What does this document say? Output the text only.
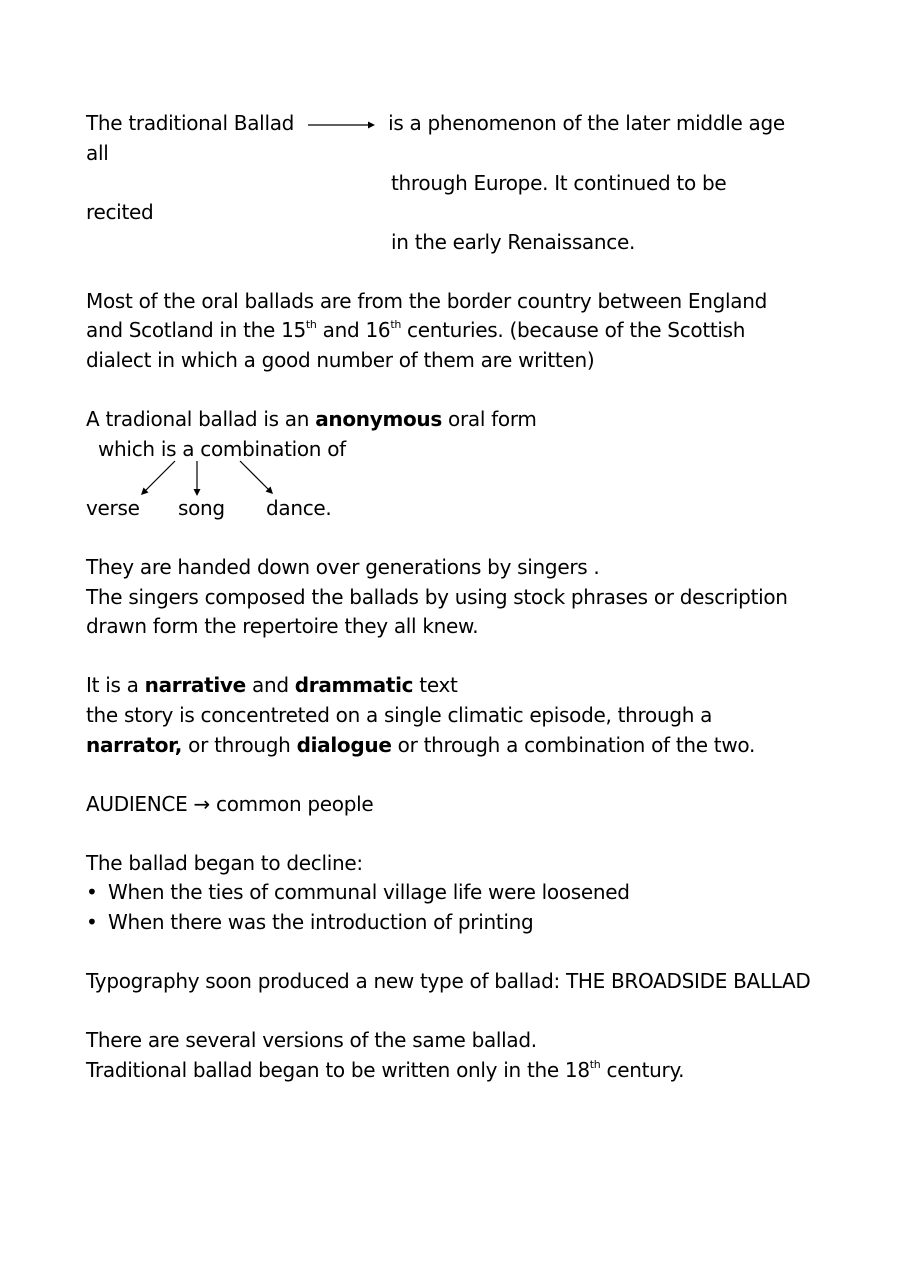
The traditional Ballad	is a phenomenon of the later middle age
all
through Europe. It continued to be
recited
in the early Renaissance.
Most of the oral ballads are from the border country between England
and Scotland in the 15th and 16th centuries. (because of the Scottish
dialect in which a good number of them are written)
A tradional ballad is an anonymous oral form
which is a combination of
verse song dance.
They are handed down over generations by singers .
The singers composed the ballads by using stock phrases or description
drawn form the repertoire they all knew.
It is a narrative and drammatic text
the story is concentreted on a single climatic episode, through a
narrator, or through dialogue or through a combination of the two.
AUDIENCE → common people
The ballad began to decline:
• When the ties of communal village life were loosened
• When there was the introduction of printing
Typography soon produced a new type of ballad: THE BROADSIDE BALLAD
There are several versions of the same ballad.
Traditional ballad began to be written only in the 18th century.
